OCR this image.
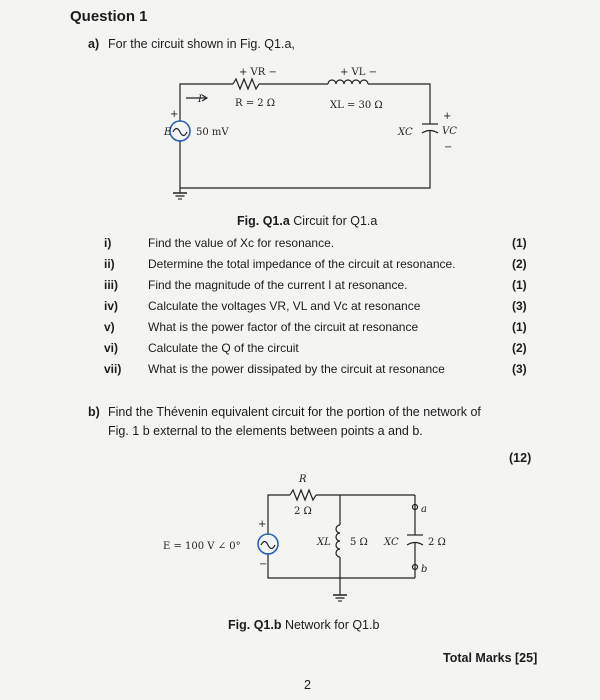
Question 1
a) For the circuit shown in Fig. Q1.a,
+ VR −	+ VL −
R = 2 Ω	XL = 30 Ω
I
E
+
50 mV	XC
+
VC
−
Fig. Q1.a Circuit for Q1.a
i)	Find the value of Xc for resonance.	(1)
ii)	Determine the total impedance of the circuit at resonance.	(2)
iii)	Find the magnitude of the current I at resonance.	(1)
iv) Calculate the voltages VR, VL and Vc at resonance	(3)
v)	What is the power factor of the circuit at resonance	(1)
vi) Calculate the Q of the circuit	(2)
vii) What is the power dissipated by the circuit at resonance	(3)
b) Find the Thévenin equivalent circuit for the portion of the network of
Fig. 1 b external to the elements between points a and b.
(12)
R
2 Ω
E = 100 V ∠ 0°
+
−
XL 5 Ω XC	2 Ω
a
b
Fig. Q1.b Network for Q1.b
Total Marks [25]
2
